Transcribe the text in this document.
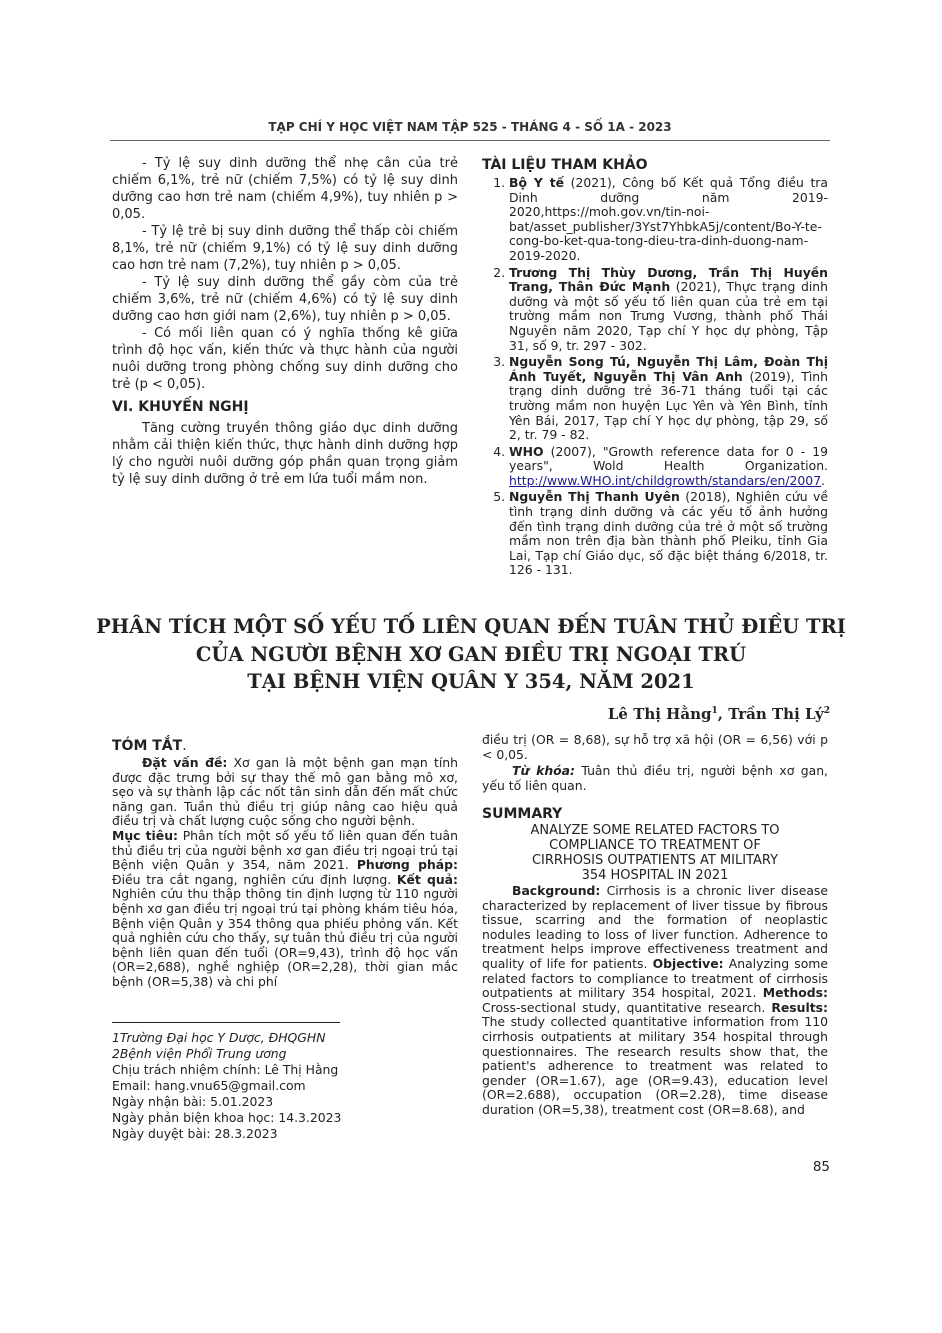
TẠP CHÍ Y HỌC VIỆT NAM TẬP 525 - THÁNG 4 - SỐ 1A - 2023

- Tỷ lệ suy dinh dưỡng thể nhẹ cân của trẻ chiếm 6,1%, trẻ nữ (chiếm 7,5%) có tỷ lệ suy dinh dưỡng cao hơn trẻ nam (chiếm 4,9%), tuy nhiên p > 0,05.

- Tỷ lệ trẻ bị suy dinh dưỡng thể thấp còi chiếm 8,1%, trẻ nữ (chiếm 9,1%) có tỷ lệ suy dinh dưỡng cao hơn trẻ nam (7,2%), tuy nhiên p > 0,05.

- Tỷ lệ suy dinh dưỡng thể gầy còm của trẻ chiếm 3,6%, trẻ nữ (chiếm 4,6%) có tỷ lệ suy dinh dưỡng cao hơn giới nam (2,6%), tuy nhiên p > 0,05.

- Có mối liên quan có ý nghĩa thống kê giữa trình độ học vấn, kiến thức và thực hành của người nuôi dưỡng trong phòng chống suy dinh dưỡng cho trẻ (p < 0,05).

VI. KHUYẾN NGHỊ

Tăng cường truyền thông giáo dục dinh dưỡng nhằm cải thiện kiến thức, thực hành dinh dưỡng hợp lý cho người nuôi dưỡng góp phần quan trọng giảm tỷ lệ suy dinh dưỡng ở trẻ em lứa tuổi mầm non.

TÀI LIỆU THAM KHẢO
1. Bộ Y tế (2021), Công bố Kết quả Tổng điều tra Dinh dưỡng năm 2019-2020,https://moh.gov.vn/tin-noi-bat/asset_publisher/3Yst7YhbkA5j/content/Bo-Y-te-cong-bo-ket-qua-tong-dieu-tra-dinh-duong-nam-2019-2020.
2. Trương Thị Thùy Dương, Trần Thị Huyền Trang, Thân Đức Mạnh (2021), Thực trạng dinh dưỡng và một số yếu tố liên quan của trẻ em tại trường mầm non Trưng Vương, thành phố Thái Nguyên năm 2020, Tạp chí Y học dự phòng, Tập 31, số 9, tr. 297 - 302.
3. Nguyễn Song Tú, Nguyễn Thị Lâm, Đoàn Thị Ánh Tuyết, Nguyễn Thị Vân Anh (2019), Tình trạng dinh dưỡng trẻ 36-71 tháng tuổi tại các trường mầm non huyện Lục Yên và Yên Bình, tỉnh Yên Bái, 2017, Tạp chí Y học dự phòng, tập 29, số 2, tr. 79 - 82.
4. WHO (2007), "Growth reference data for 0 - 19 years", Wold Health Organization. http://www.WHO.int/childgrowth/standars/en/2007.
5. Nguyễn Thị Thanh Uyên (2018), Nghiên cứu về tình trạng dinh dưỡng và các yếu tố ảnh hưởng đến tình trạng dinh dưỡng của trẻ ở một số trường mầm non trên địa bàn thành phố Pleiku, tỉnh Gia Lai, Tạp chí Giáo dục, số đặc biệt tháng 6/2018, tr. 126 - 131.
PHÂN TÍCH MỘT SỐ YẾU TỐ LIÊN QUAN ĐẾN TUÂN THỦ ĐIỀU TRỊ
CỦA NGƯỜI BỆNH XƠ GAN ĐIỀU TRỊ NGOẠI TRÚ
TẠI BỆNH VIỆN QUÂN Y 354, NĂM 2021
Lê Thị Hằng$^1$, Trần Thị $Lý^2$
TÓM TẮT.

Đặt vấn đề: Xơ gan là một bệnh gan mạn tính được đặc trưng bởi sự thay thế mô gan bằng mô xơ, sẹo và sự thành lập các nốt tân sinh dẫn đến mất chức năng gan. Tuần thủ điều trị giúp nâng cao hiệu quả điều trị và chất lượng cuộc sống cho người bệnh.
Mục tiêu: Phân tích một số yếu tố liên quan đến tuân thủ điều trị của người bệnh xơ gan điều trị ngoại trú tại Bệnh viện Quân y 354, năm 2021. Phương pháp: Điều tra cắt ngang, nghiên cứu định lượng. Kết quả: Nghiên cứu thu thập thông tin định lượng từ 110 người bệnh xơ gan điều trị ngoại trú tại phòng khám tiêu hóa, Bệnh viện Quân y 354 thông qua phiếu phỏng vấn. Kết quả nghiên cứu cho thấy, sự tuân thủ điều trị của người bệnh liên quan đến tuổi (OR=9,43), trình độ học vấn (OR=2,688), nghề nghiệp (OR=2,28), thời gian mắc bệnh (OR=5,38) và chi phí

1Trường Đại học Y Dược, ĐHQGHN

2Bệnh viện Phổi Trung ương

Chịu trách nhiệm chính: Lê Thị Hằng

Email: hang.vnu65@gmail.com

Ngày nhận bài: 5.01.2023

Ngày phản biện khoa học: 14.3.2023

Ngày duyệt bài: 28.3.2023

điều trị (OR = 8,68), sự hỗ trợ xã hội (OR = 6,56) với p < 0,05.

Từ khóa: Tuân thủ điều trị, người bệnh xơ gan, yếu tố liên quan.

SUMMARY
ANALYZE SOME RELATED FACTORS TO
COMPLIANCE TO TREATMENT OF
CIRRHOSIS OUTPATIENTS AT MILITARY
354 HOSPITAL IN 2021

Background: Cirrhosis is a chronic liver disease characterized by replacement of liver tissue by fibrous tissue, scarring and the formation of neoplastic nodules leading to loss of liver function. Adherence to treatment helps improve effectiveness treatment and quality of life for patients. Objective: Analyzing some related factors to compliance to treatment of cirrhosis outpatients at military 354 hospital, 2021. Methods: Cross-sectional study, quantitative research. Results: The study collected quantitative information from 110 cirrhosis outpatients at military 354 hospital through questionnaires. The research results show that, the patient's adherence to treatment was related to gender (OR=1.67), age (OR=9.43), education level (OR=2.688), occupation (OR=2.28), time disease duration (OR=5,38), treatment cost (OR=8.68), and

85
